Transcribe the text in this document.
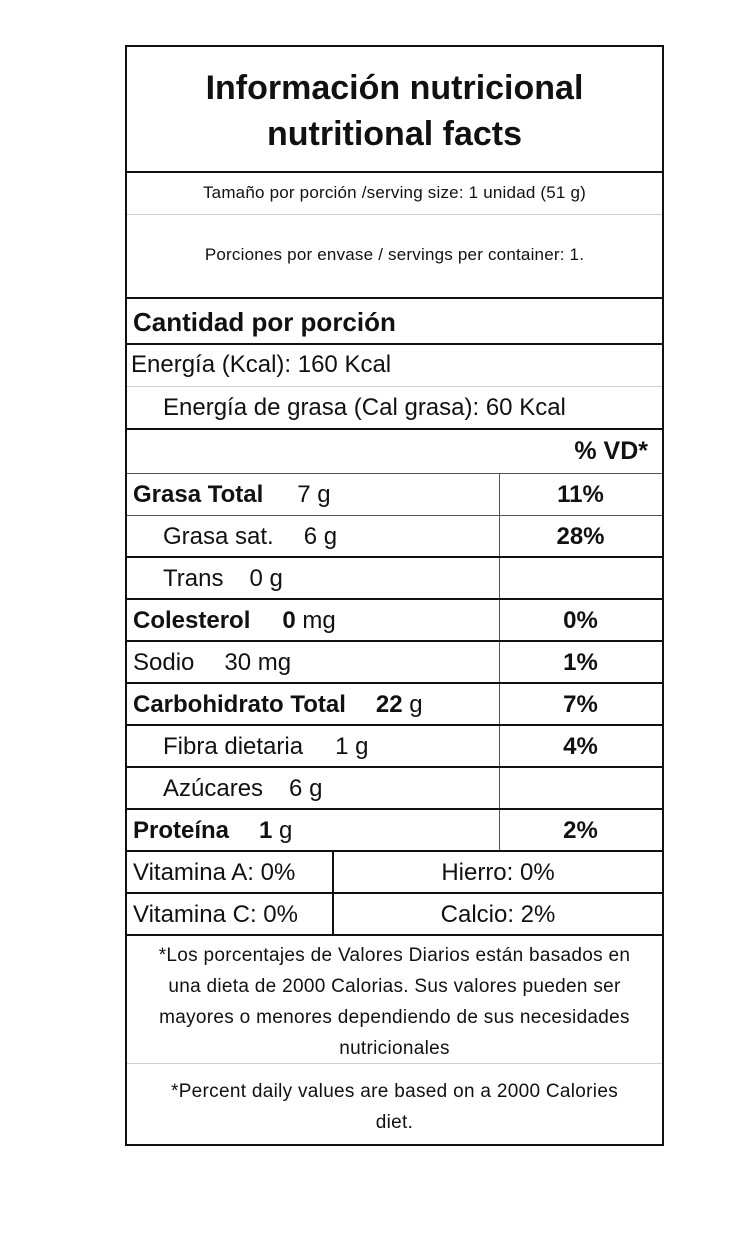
Información nutricional
nutritional facts
Tamaño por porción /serving size: 1 unidad (51 g)
Porciones por envase / servings per container: 1.
Cantidad por porción
Energía (Kcal): 160 Kcal
Energía de grasa (Cal grasa): 60 Kcal
% VD*
Grasa Total 7 g	11%
Grasa sat. 6 g	28%
Trans 0 g
Colesterol 0 mg	0%
Sodio 30 mg	1%
Carbohidrato Total 22 g	7%
Fibra dietaria 1 g	4%
Azúcares 6 g
Proteína 1 g	2%
Vitamina A: 0%	Hierro: 0%
Vitamina C: 0%	Calcio: 2%
*Los porcentajes de Valores Diarios están basados en
una dieta de 2000 Calorias. Sus valores pueden ser
mayores o menores dependiendo de sus necesidades
nutricionales
*Percent daily values are based on a 2000 Calories
diet.
